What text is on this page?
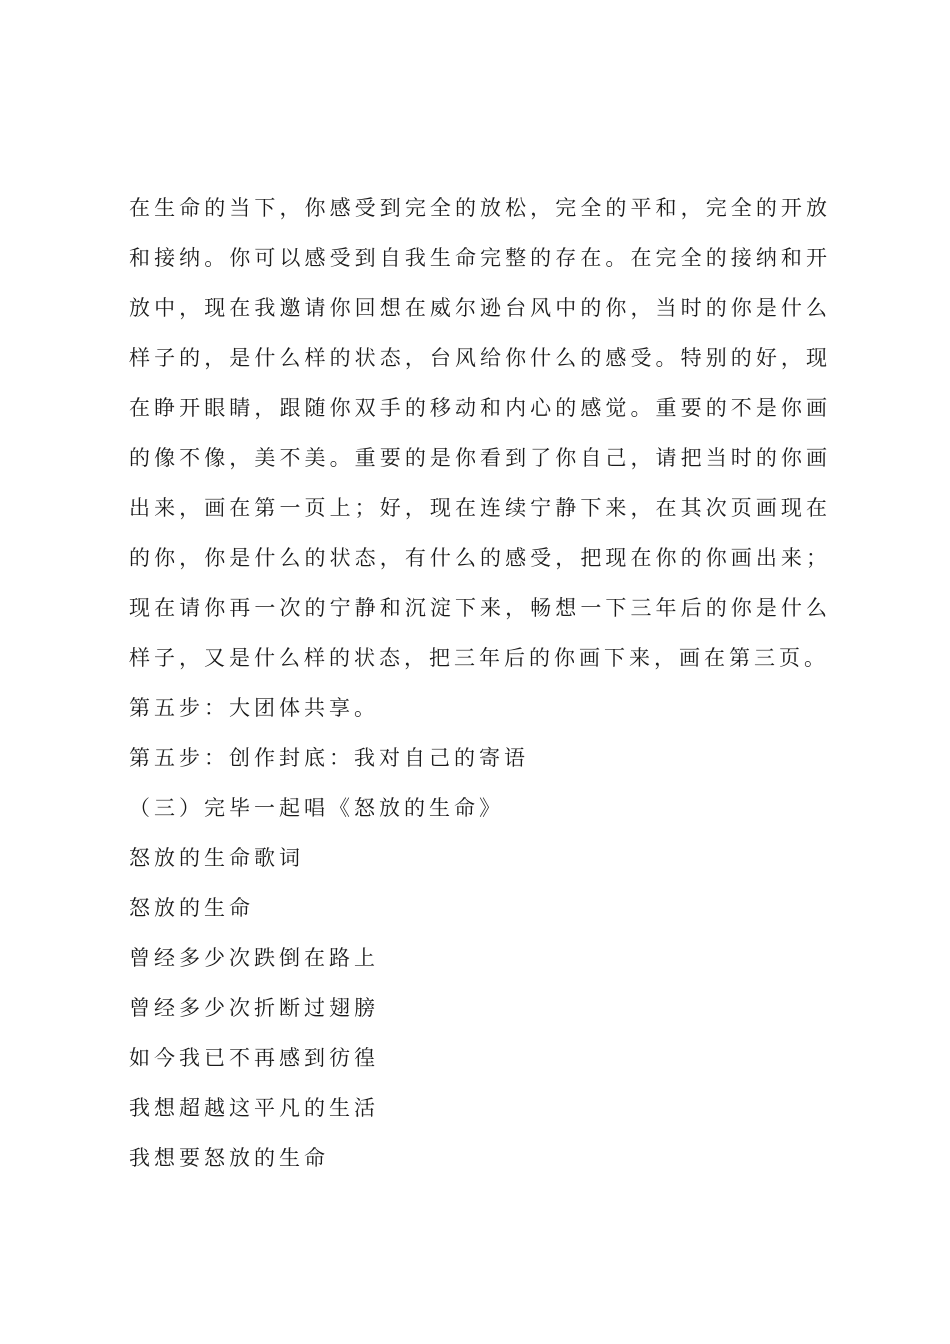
在生命的当下，你感受到完全的放松，完全的平和，完全的开放和接纳。你可以感受到自我生命完整的存在。在完全的接纳和开放中，现在我邀请你回想在威尔逊台风中的你，当时的你是什么样子的，是什么样的状态，台风给你什么的感受。特别的好，现在睁开眼睛，跟随你双手的移动和内心的感觉。重要的不是你画的像不像，美不美。重要的是你看到了你自己，请把当时的你画出来，画在第一页上；好，现在连续宁静下来，在其次页画现在的你，你是什么的状态，有什么的感受，把现在你的你画出来；现在请你再一次的宁静和沉淀下来，畅想一下三年后的你是什么样子，又是什么样的状态，把三年后的你画下来，画在第三页。

第五步：大团体共享。

第五步：创作封底：我对自己的寄语

（三）完毕一起唱《怒放的生命》

怒放的生命歌词

怒放的生命

曾经多少次跌倒在路上

曾经多少次折断过翅膀

如今我已不再感到彷徨

我想超越这平凡的生活

我想要怒放的生命
